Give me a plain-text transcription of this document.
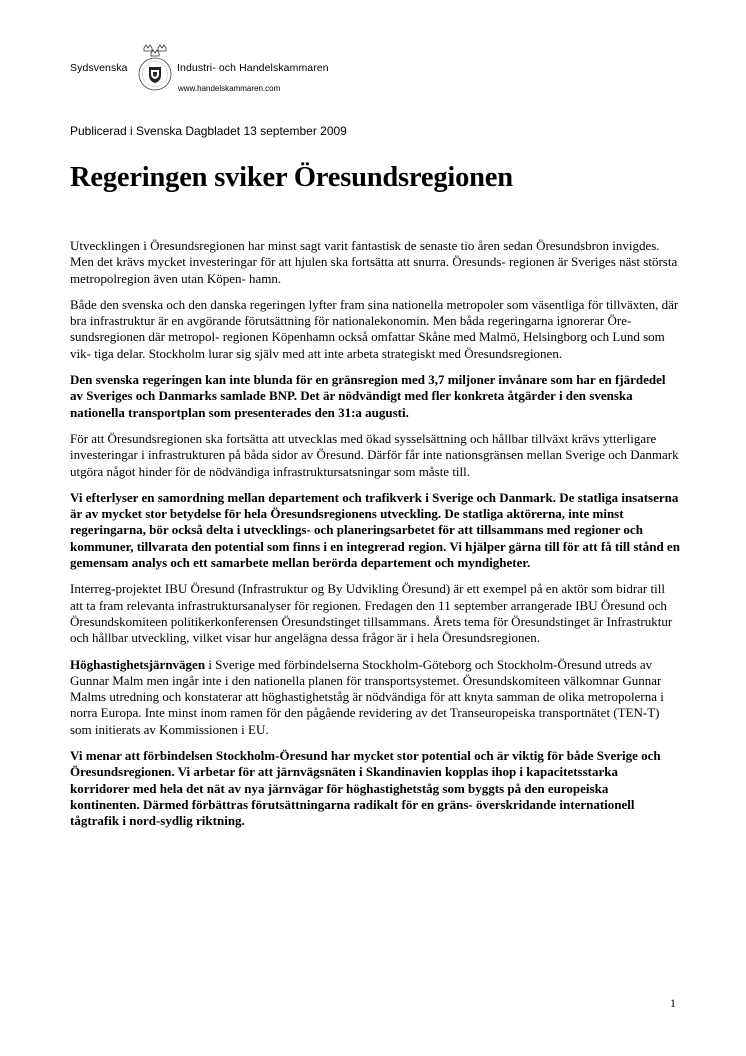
Sydsvenska	Industri- och Handelskammaren
www.handelskammaren.com
Publicerad i Svenska Dagbladet 13 september 2009
Regeringen sviker Öresundsregionen

Utvecklingen i Öresundsregionen har minst sagt varit fantastisk de senaste tio åren sedan Öresundsbron invigdes. Men det krävs mycket investeringar för att hjulen ska fortsätta att snurra. Öresunds- regionen är Sveriges näst största metropolregion även utan Köpen- hamn.

Både den svenska och den danska regeringen lyfter fram sina nationella metropoler som väsentliga för tillväxten, där bra infrastruktur är en avgörande förutsättning för nationalekonomin. Men båda regeringarna ignorerar Öre-sundsregionen där metropol- regionen Köpenhamn också omfattar Skåne med Malmö, Helsingborg och Lund som vik- tiga delar. Stockholm lurar sig själv med att inte arbeta strategiskt med Öresundsregionen.

Den svenska regeringen kan inte blunda för en gränsregion med 3,7 miljoner invånare som har en fjärdedel av Sveriges och Danmarks samlade BNP. Det är nödvändigt med fler konkreta åtgärder i den svenska nationella transportplan som presenterades den 31:a augusti.

För att Öresundsregionen ska fortsätta att utvecklas med ökad sysselsättning och hållbar tillväxt krävs ytterligare investeringar i infrastrukturen på båda sidor av Öresund. Därför får inte nationsgränsen mellan Sverige och Danmark utgöra något hinder för de nödvändiga infrastruktursatsningar som måste till.

Vi efterlyser en samordning mellan departement och trafikverk i Sverige och Danmark. De statliga insatserna är av mycket stor betydelse för hela Öresundsregionens utveckling. De statliga aktörerna, inte minst regeringarna, bör också delta i utvecklings- och planeringsarbetet för att tillsammans med regioner och kommuner, tillvarata den potential som finns i en integrerad region. Vi hjälper gärna till för att få till stånd en gemensam analys och ett samarbete mellan berörda departement och myndigheter.

Interreg-projektet IBU Öresund (Infrastruktur og By Udvikling Öresund) är ett exempel på en aktör som bidrar till att ta fram relevanta infrastruktursanalyser för regionen. Fredagen den 11 september arrangerade IBU Öresund och Öresundskomiteen politikerkonferensen Öresundstinget tillsammans. Årets tema för Öresundstinget är Infrastruktur och hållbar utveckling, vilket visar hur angelägna dessa frågor är i hela Öresundsregionen.

Höghastighetsjärnvägen i Sverige med förbindelserna Stockholm-Göteborg och Stockholm-Öresund utreds av Gunnar Malm men ingår inte i den nationella planen för transportsystemet. Öresundskomiteen välkomnar Gunnar Malms utredning och konstaterar att höghastighetståg är nödvändiga för att knyta samman de olika metropolerna i norra Europa. Inte minst inom ramen för den pågående revidering av det Transeuropeiska transportnätet (TEN-T) som initierats av Kommissionen i EU.

Vi menar att förbindelsen Stockholm-Öresund har mycket stor potential och är viktig för både Sverige och Öresundsregionen. Vi arbetar för att järnvägsnäten i Skandinavien kopplas ihop i kapacitetsstarka korridorer med hela det nät av nya järnvägar för höghastighetståg som byggts på den europeiska kontinenten. Därmed förbättras förutsättningarna radikalt för en gräns- överskridande internationell tågtrafik i nord-sydlig riktning.

1
